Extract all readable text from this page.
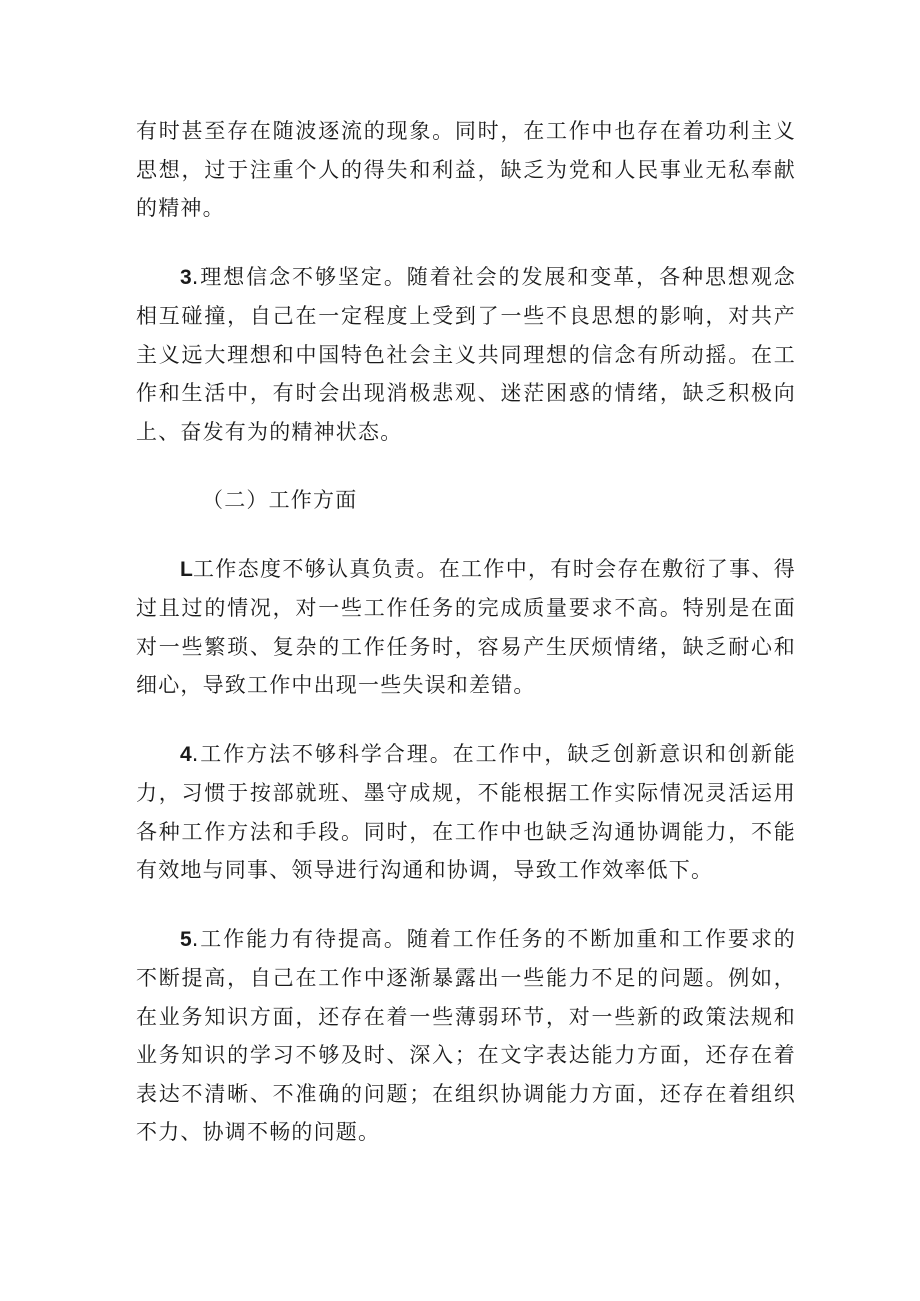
有时甚至存在随波逐流的现象。同时，在工作中也存在着功利主义思想，过于注重个人的得失和利益，缺乏为党和人民事业无私奉献的精神。

3.理想信念不够坚定。随着社会的发展和变革，各种思想观念相互碰撞，自己在一定程度上受到了一些不良思想的影响，对共产主义远大理想和中国特色社会主义共同理想的信念有所动摇。在工作和生活中，有时会出现消极悲观、迷茫困惑的情绪，缺乏积极向上、奋发有为的精神状态。

（二）工作方面

L工作态度不够认真负责。在工作中，有时会存在敷衍了事、得过且过的情况，对一些工作任务的完成质量要求不高。特别是在面对一些繁琐、复杂的工作任务时，容易产生厌烦情绪，缺乏耐心和细心，导致工作中出现一些失误和差错。

4.工作方法不够科学合理。在工作中，缺乏创新意识和创新能力，习惯于按部就班、墨守成规，不能根据工作实际情况灵活运用各种工作方法和手段。同时，在工作中也缺乏沟通协调能力，不能有效地与同事、领导进行沟通和协调，导致工作效率低下。

5.工作能力有待提高。随着工作任务的不断加重和工作要求的不断提高，自己在工作中逐渐暴露出一些能力不足的问题。例如，在业务知识方面，还存在着一些薄弱环节，对一些新的政策法规和业务知识的学习不够及时、深入；在文字表达能力方面，还存在着表达不清晰、不准确的问题；在组织协调能力方面，还存在着组织不力、协调不畅的问题。
